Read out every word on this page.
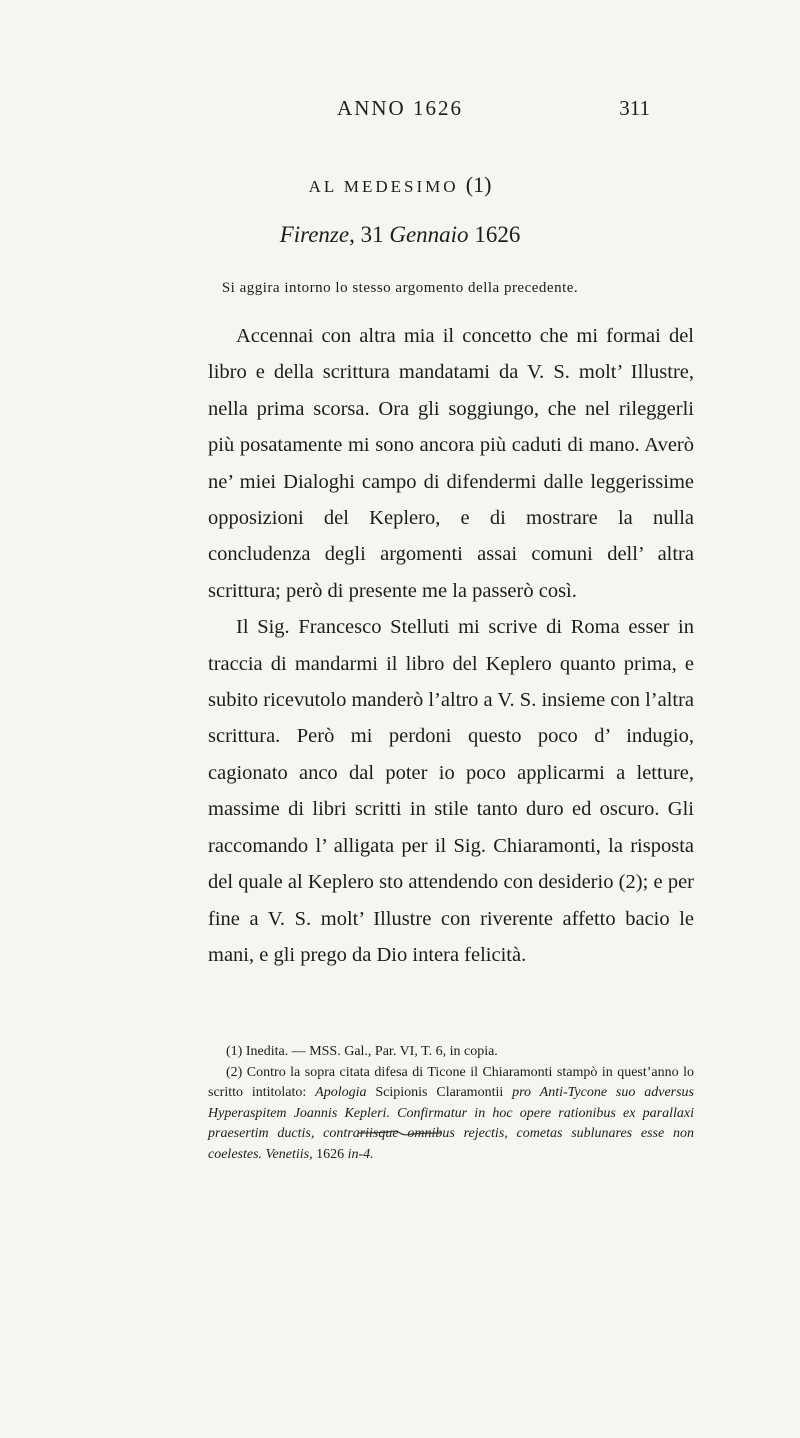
ANNO 1626	311
AL MEDESIMO (1)
Firenze, 31 Gennaio 1626
Si aggira intorno lo stesso argomento della precedente.

Accennai con altra mia il concetto che mi formai del libro e della scrittura mandatami da V. S. molt’ Illustre, nella prima scorsa. Ora gli soggiungo, che nel rileggerli più posatamente mi sono ancora più caduti di mano. Averò ne’ miei Dialoghi campo di difendermi dalle leggerissime opposizioni del Keplero, e di mostrare la nulla concludenza degli argomenti assai comuni dell’ altra scrittura; però di presente me la passerò così.

Il Sig. Francesco Stelluti mi scrive di Roma esser in traccia di mandarmi il libro del Keplero quanto prima, e subito ricevutolo manderò l’altro a V. S. insieme con l’altra scrittura. Però mi perdoni questo poco d’ indugio, cagionato anco dal poter io poco applicarmi a letture, massime di libri scritti in stile tanto duro ed oscuro. Gli raccomando l’ alligata per il Sig. Chiaramonti, la risposta del quale al Keplero sto attendendo con desiderio (2); e per fine a V. S. molt’ Illustre con riverente affetto bacio le mani, e gli prego da Dio intera felicità.

(1) Inedita. — MSS. Gal., Par. VI, T. 6, in copia.

(2) Contro la sopra citata difesa di Ticone il Chiaramonti stampò in quest’anno lo scritto intitolato: Apologia Scipionis Claramontii pro Anti-Tycone suo adversus Hyperaspitem Joannis Kepleri. Confirmatur in hoc opere rationibus ex parallaxi praesertim ductis, contrariisque omnibus rejectis, cometas sublunares esse non coelestes. Venetiis, 1626 in-4.
